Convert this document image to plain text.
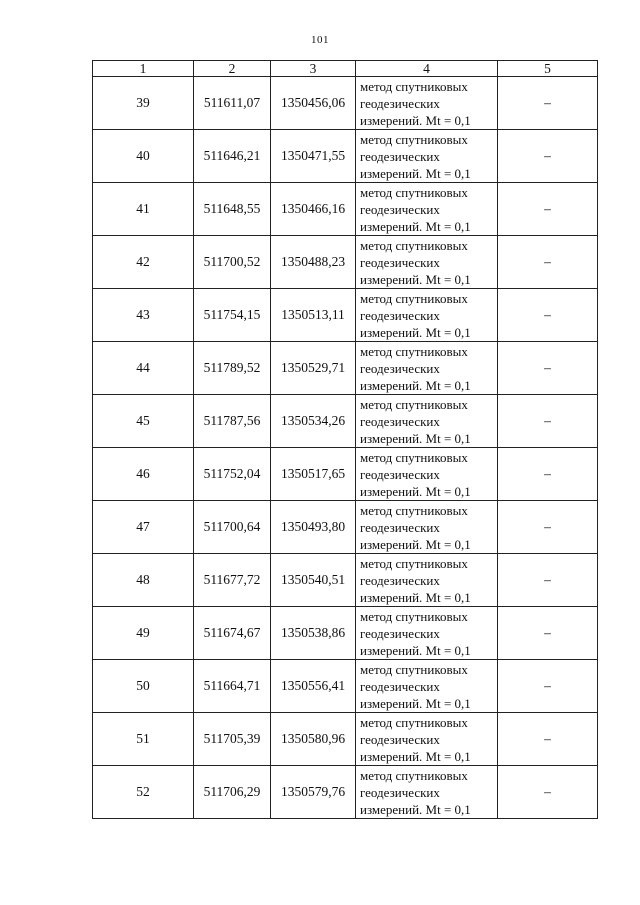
101
1	2	3	4	5
39	511611,07	1350456,06	метод спутниковых
геодезических
измерений. Mt = 0,1	–
40	511646,21	1350471,55	метод спутниковых
геодезических
измерений. Mt = 0,1	–
41	511648,55	1350466,16	метод спутниковых
геодезических
измерений. Mt = 0,1	–
42	511700,52	1350488,23	метод спутниковых
геодезических
измерений. Mt = 0,1	–
43	511754,15	1350513,11	метод спутниковых
геодезических
измерений. Mt = 0,1	–
44	511789,52	1350529,71	метод спутниковых
геодезических
измерений. Mt = 0,1	–
45	511787,56	1350534,26	метод спутниковых
геодезических
измерений. Mt = 0,1	–
46	511752,04	1350517,65	метод спутниковых
геодезических
измерений. Mt = 0,1	–
47	511700,64	1350493,80	метод спутниковых
геодезических
измерений. Mt = 0,1	–
48	511677,72	1350540,51	метод спутниковых
геодезических
измерений. Mt = 0,1	–
49	511674,67	1350538,86	метод спутниковых
геодезических
измерений. Mt = 0,1	–
50	511664,71	1350556,41	метод спутниковых
геодезических
измерений. Mt = 0,1	–
51	511705,39	1350580,96	метод спутниковых
геодезических
измерений. Mt = 0,1	–
52	511706,29	1350579,76	метод спутниковых
геодезических
измерений. Mt = 0,1	–
